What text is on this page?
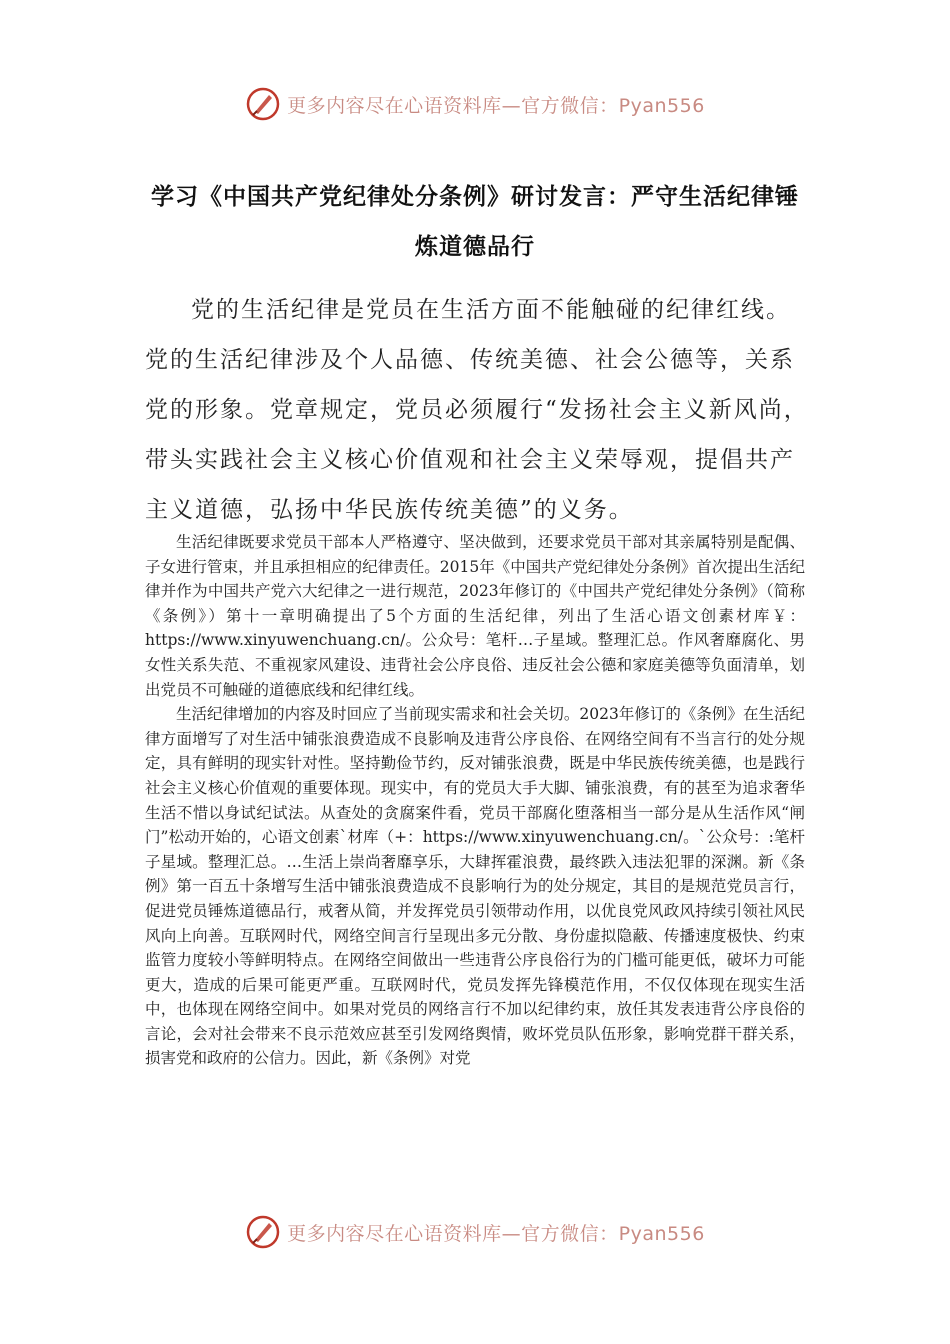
更多内容尽在心语资料库—官方微信：Pyan556
学习《中国共产党纪律处分条例》研讨发言：严守生活纪律锤炼道德品行
党的生活纪律是党员在生活方面不能触碰的纪律红线。党的生活纪律涉及个人品德、传统美德、社会公德等，关系党的形象。党章规定，党员必须履行“发扬社会主义新风尚，带头实践社会主义核心价值观和社会主义荣辱观，提倡共产主义道德，弘扬中华民族传统美德”的义务。

生活纪律既要求党员干部本人严格遵守、坚决做到，还要求党员干部对其亲属特别是配偶、子女进行管束，并且承担相应的纪律责任。2015年《中国共产党纪律处分条例》首次提出生活纪律并作为中国共产党六大纪律之一进行规范，2023年修订的《中国共产党纪律处分条例》（简称《条例》）第十一章明确提出了5个方面的生活纪律，列出了生活心语文创素材库￥：https://www.xinyuwenchuang.cn/。公众号：笔杆…子星域。整理汇总。作风奢靡腐化、男女性关系失范、不重视家风建设、违背社会公序良俗、违反社会公德和家庭美德等负面清单，划出党员不可触碰的道德底线和纪律红线。

生活纪律增加的内容及时回应了当前现实需求和社会关切。2023年修订的《条例》在生活纪律方面增写了对生活中铺张浪费造成不良影响及违背公序良俗、在网络空间有不当言行的处分规定，具有鲜明的现实针对性。坚持勤俭节约，反对铺张浪费，既是中华民族传统美德，也是践行社会主义核心价值观的重要体现。现实中，有的党员大手大脚、铺张浪费，有的甚至为追求奢华生活不惜以身试纪试法。从查处的贪腐案件看，党员干部腐化堕落相当一部分是从生活作风“闸门”松动开始的，心语文创素`材库（+：https://www.xinyuwenchuang.cn/。`公众号：:笔杆子星域。整理汇总。…生活上崇尚奢靡享乐，大肆挥霍浪费，最终跌入违法犯罪的深渊。新《条例》第一百五十条增写生活中铺张浪费造成不良影响行为的处分规定，其目的是规范党员言行，促进党员锤炼道德品行，戒奢从简，并发挥党员引领带动作用，以优良党风政风持续引领社风民风向上向善。互联网时代，网络空间言行呈现出多元分散、身份虚拟隐蔽、传播速度极快、约束监管力度较小等鲜明特点。在网络空间做出一些违背公序良俗行为的门槛可能更低，破坏力可能更大，造成的后果可能更严重。互联网时代，党员发挥先锋模范作用，不仅仅体现在现实生活中，也体现在网络空间中。如果对党员的网络言行不加以纪律约束，放任其发表违背公序良俗的言论，会对社会带来不良示范效应甚至引发网络舆情，败坏党员队伍形象，影响党群干群关系，损害党和政府的公信力。因此，新《条例》对党

更多内容尽在心语资料库—官方微信：Pyan556
